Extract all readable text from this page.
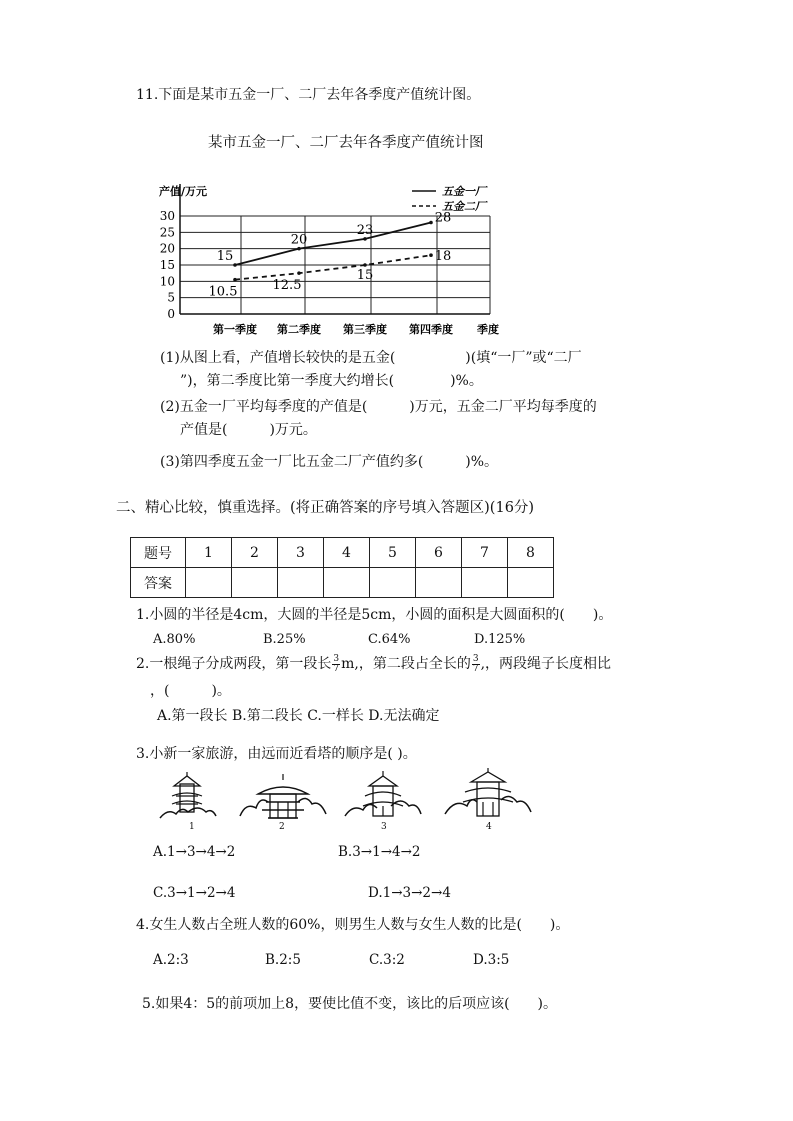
11.下面是某市五金一厂、二厂去年各季度产值统计图。
某市五金一厂、二厂去年各季度产值统计图
产值/万元
季度
0
5
10
15
20
25
30
第一季度 第二季度 第三季度 第四季度
15
20
23
28
10.5	12.5
15
18
五金一厂
五金二厂
(1)从图上看，产值增长较快的是五金(　　　　　)(填“一厂”或“二厂
”)，第二季度比第一季度大约增长(　　　　)%。
(2)五金一厂平均每季度的产值是(　　　)万元，五金二厂平均每季度的
产值是(　　　)万元。
(3)第四季度五金一厂比五金二厂产值约多(　　　)%。
二、精心比较，慎重选择。(将正确答案的序号填入答题区)(16分)
题号	1	2	3	4	5	6	7	8
答案								
1.小圆的半径是4cm，大圆的半径是5cm，小圆的面积是大圆面积的(　　)。
A.80%	B.25%	C.64%	D.125%
2.一根绳子分成两段，第一段长 $\frac{3}{7} m$,，第二段占全长的 $\frac{3}{7}$ ,，两段绳子长度相比
，(　　　)。
A.第一段长 B.第二段长 C.一样长 D.无法确定
3.小新一家旅游，由远而近看塔的顺序是( )。
1	2	3	4
A.1→3→4→2	B.3→1→4→2
C.3→1→2→4	D.1→3→2→4
4.女生人数占全班人数的60%，则男生人数与女生人数的比是(　　)。
A.2:3	B.2:5	C.3:2	D.3:5
5.如果4：5的前项加上8，要使比值不变，该比的后项应该(　　)。
